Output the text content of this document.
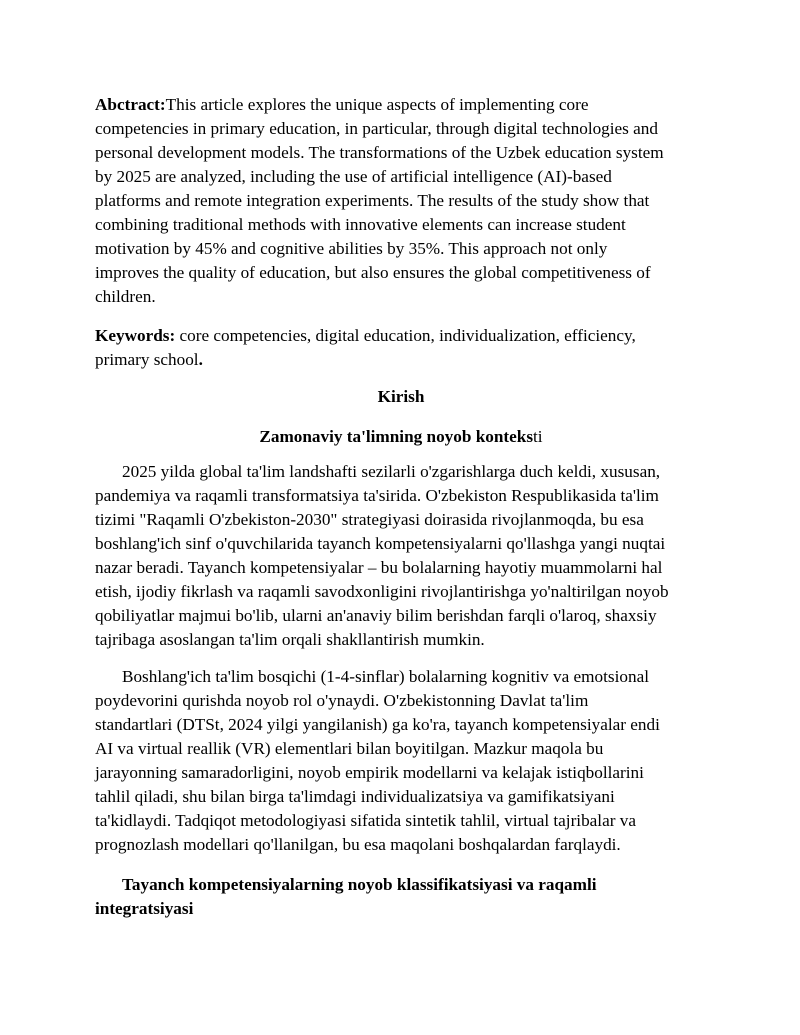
Abctract:This article explores the unique aspects of implementing core
competencies in primary education, in particular, through digital technologies and
personal development models. The transformations of the Uzbek education system
by 2025 are analyzed, including the use of artificial intelligence (AI)-based
platforms and remote integration experiments. The results of the study show that
combining traditional methods with innovative elements can increase student
motivation by 45% and cognitive abilities by 35%. This approach not only
improves the quality of education, but also ensures the global competitiveness of
children.

Keywords: core competencies, digital education, individualization, efficiency,
primary school.

Kirish
Zamonaviy ta'limning noyob konteksti

2025 yilda global ta'lim landshafti sezilarli o'zgarishlarga duch keldi, xususan,
pandemiya va raqamli transformatsiya ta'sirida. O'zbekiston Respublikasida ta'lim
tizimi "Raqamli O'zbekiston-2030" strategiyasi doirasida rivojlanmoqda, bu esa
boshlang'ich sinf o'quvchilarida tayanch kompetensiyalarni qo'llashga yangi nuqtai
nazar beradi. Tayanch kompetensiyalar – bu bolalarning hayotiy muammolarni hal
etish, ijodiy fikrlash va raqamli savodxonligini rivojlantirishga yo'naltirilgan noyob
qobiliyatlar majmui bo'lib, ularni an'anaviy bilim berishdan farqli o'laroq, shaxsiy
tajribaga asoslangan ta'lim orqali shakllantirish mumkin.

Boshlang'ich ta'lim bosqichi (1-4-sinflar) bolalarning kognitiv va emotsional
poydevorini qurishda noyob rol o'ynaydi. O'zbekistonning Davlat ta'lim
standartlari (DTSt, 2024 yilgi yangilanish) ga ko'ra, tayanch kompetensiyalar endi
AI va virtual reallik (VR) elementlari bilan boyitilgan. Mazkur maqola bu
jarayonning samaradorligini, noyob empirik modellarni va kelajak istiqbollarini
tahlil qiladi, shu bilan birga ta'limdagi individualizatsiya va gamifikatsiyani
ta'kidlaydi. Tadqiqot metodologiyasi sifatida sintetik tahlil, virtual tajribalar va
prognozlash modellari qo'llanilgan, bu esa maqolani boshqalardan farqlaydi.

Tayanch kompetensiyalarning noyob klassifikatsiyasi va raqamli
integratsiyasi
